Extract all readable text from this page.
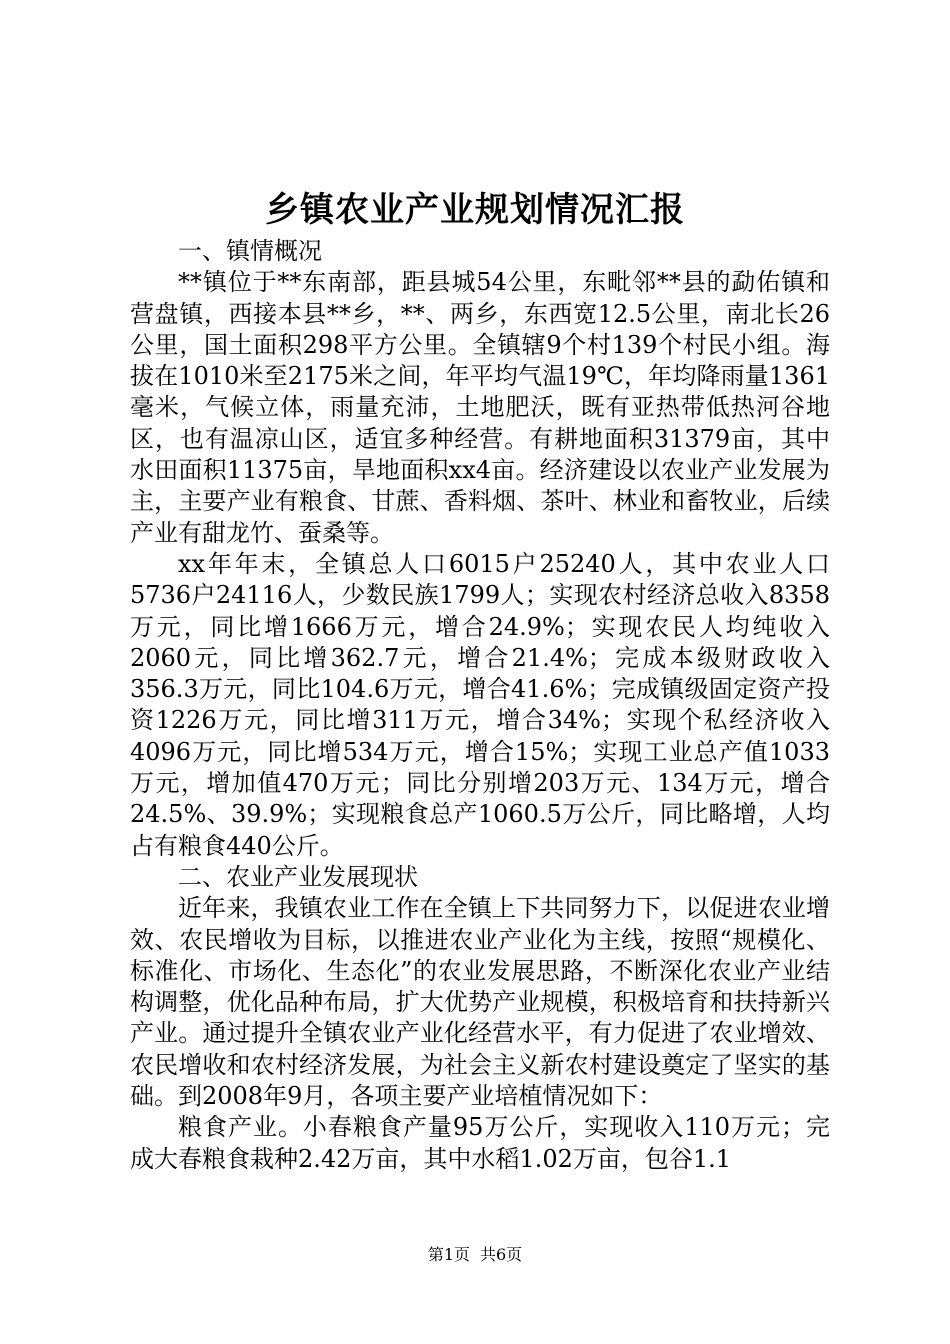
乡镇农业产业规划情况汇报

一、镇情概况

**镇位于**东南部，距县城54公里，东毗邻**县的勐佑镇和营盘镇，西接本县**乡，**、两乡，东西宽12.5公里，南北长26公里，国土面积298平方公里。全镇辖9个村139个村民小组。海拔在1010米至2175米之间，年平均气温19℃，年均降雨量1361毫米，气候立体，雨量充沛，土地肥沃，既有亚热带低热河谷地区，也有温凉山区，适宜多种经营。有耕地面积31379亩，其中水田面积11375亩，旱地面积xx4亩。经济建设以农业产业发展为主，主要产业有粮食、甘蔗、香料烟、茶叶、林业和畜牧业，后续产业有甜龙竹、蚕桑等。

xx年年末，全镇总人口6015户25240人，其中农业人口5736户24116人，少数民族1799人；实现农村经济总收入8358万元，同比增1666万元，增合24.9%；实现农民人均纯收入2060元，同比增362.7元，增合21.4%；完成本级财政收入356.3万元，同比104.6万元，增合41.6%；完成镇级固定资产投资1226万元，同比增311万元，增合34%；实现个私经济收入4096万元，同比增534万元，增合15%；实现工业总产值1033万元，增加值470万元；同比分别增203万元、134万元，增合24.5%、39.9%；实现粮食总产1060.5万公斤，同比略增，人均占有粮食440公斤。

二、农业产业发展现状

近年来，我镇农业工作在全镇上下共同努力下，以促进农业增效、农民增收为目标，以推进农业产业化为主线，按照“规模化、标准化、市场化、生态化”的农业发展思路，不断深化农业产业结构调整，优化品种布局，扩大优势产业规模，积极培育和扶持新兴产业。通过提升全镇农业产业化经营水平，有力促进了农业增效、农民增收和农村经济发展，为社会主义新农村建设奠定了坚实的基础。到2008年9月，各项主要产业培植情况如下：

粮食产业。小春粮食产量95万公斤，实现收入110万元；完成大春粮食栽种2.42万亩，其中水稻1.02万亩，包谷1.1

第1页 共6页
